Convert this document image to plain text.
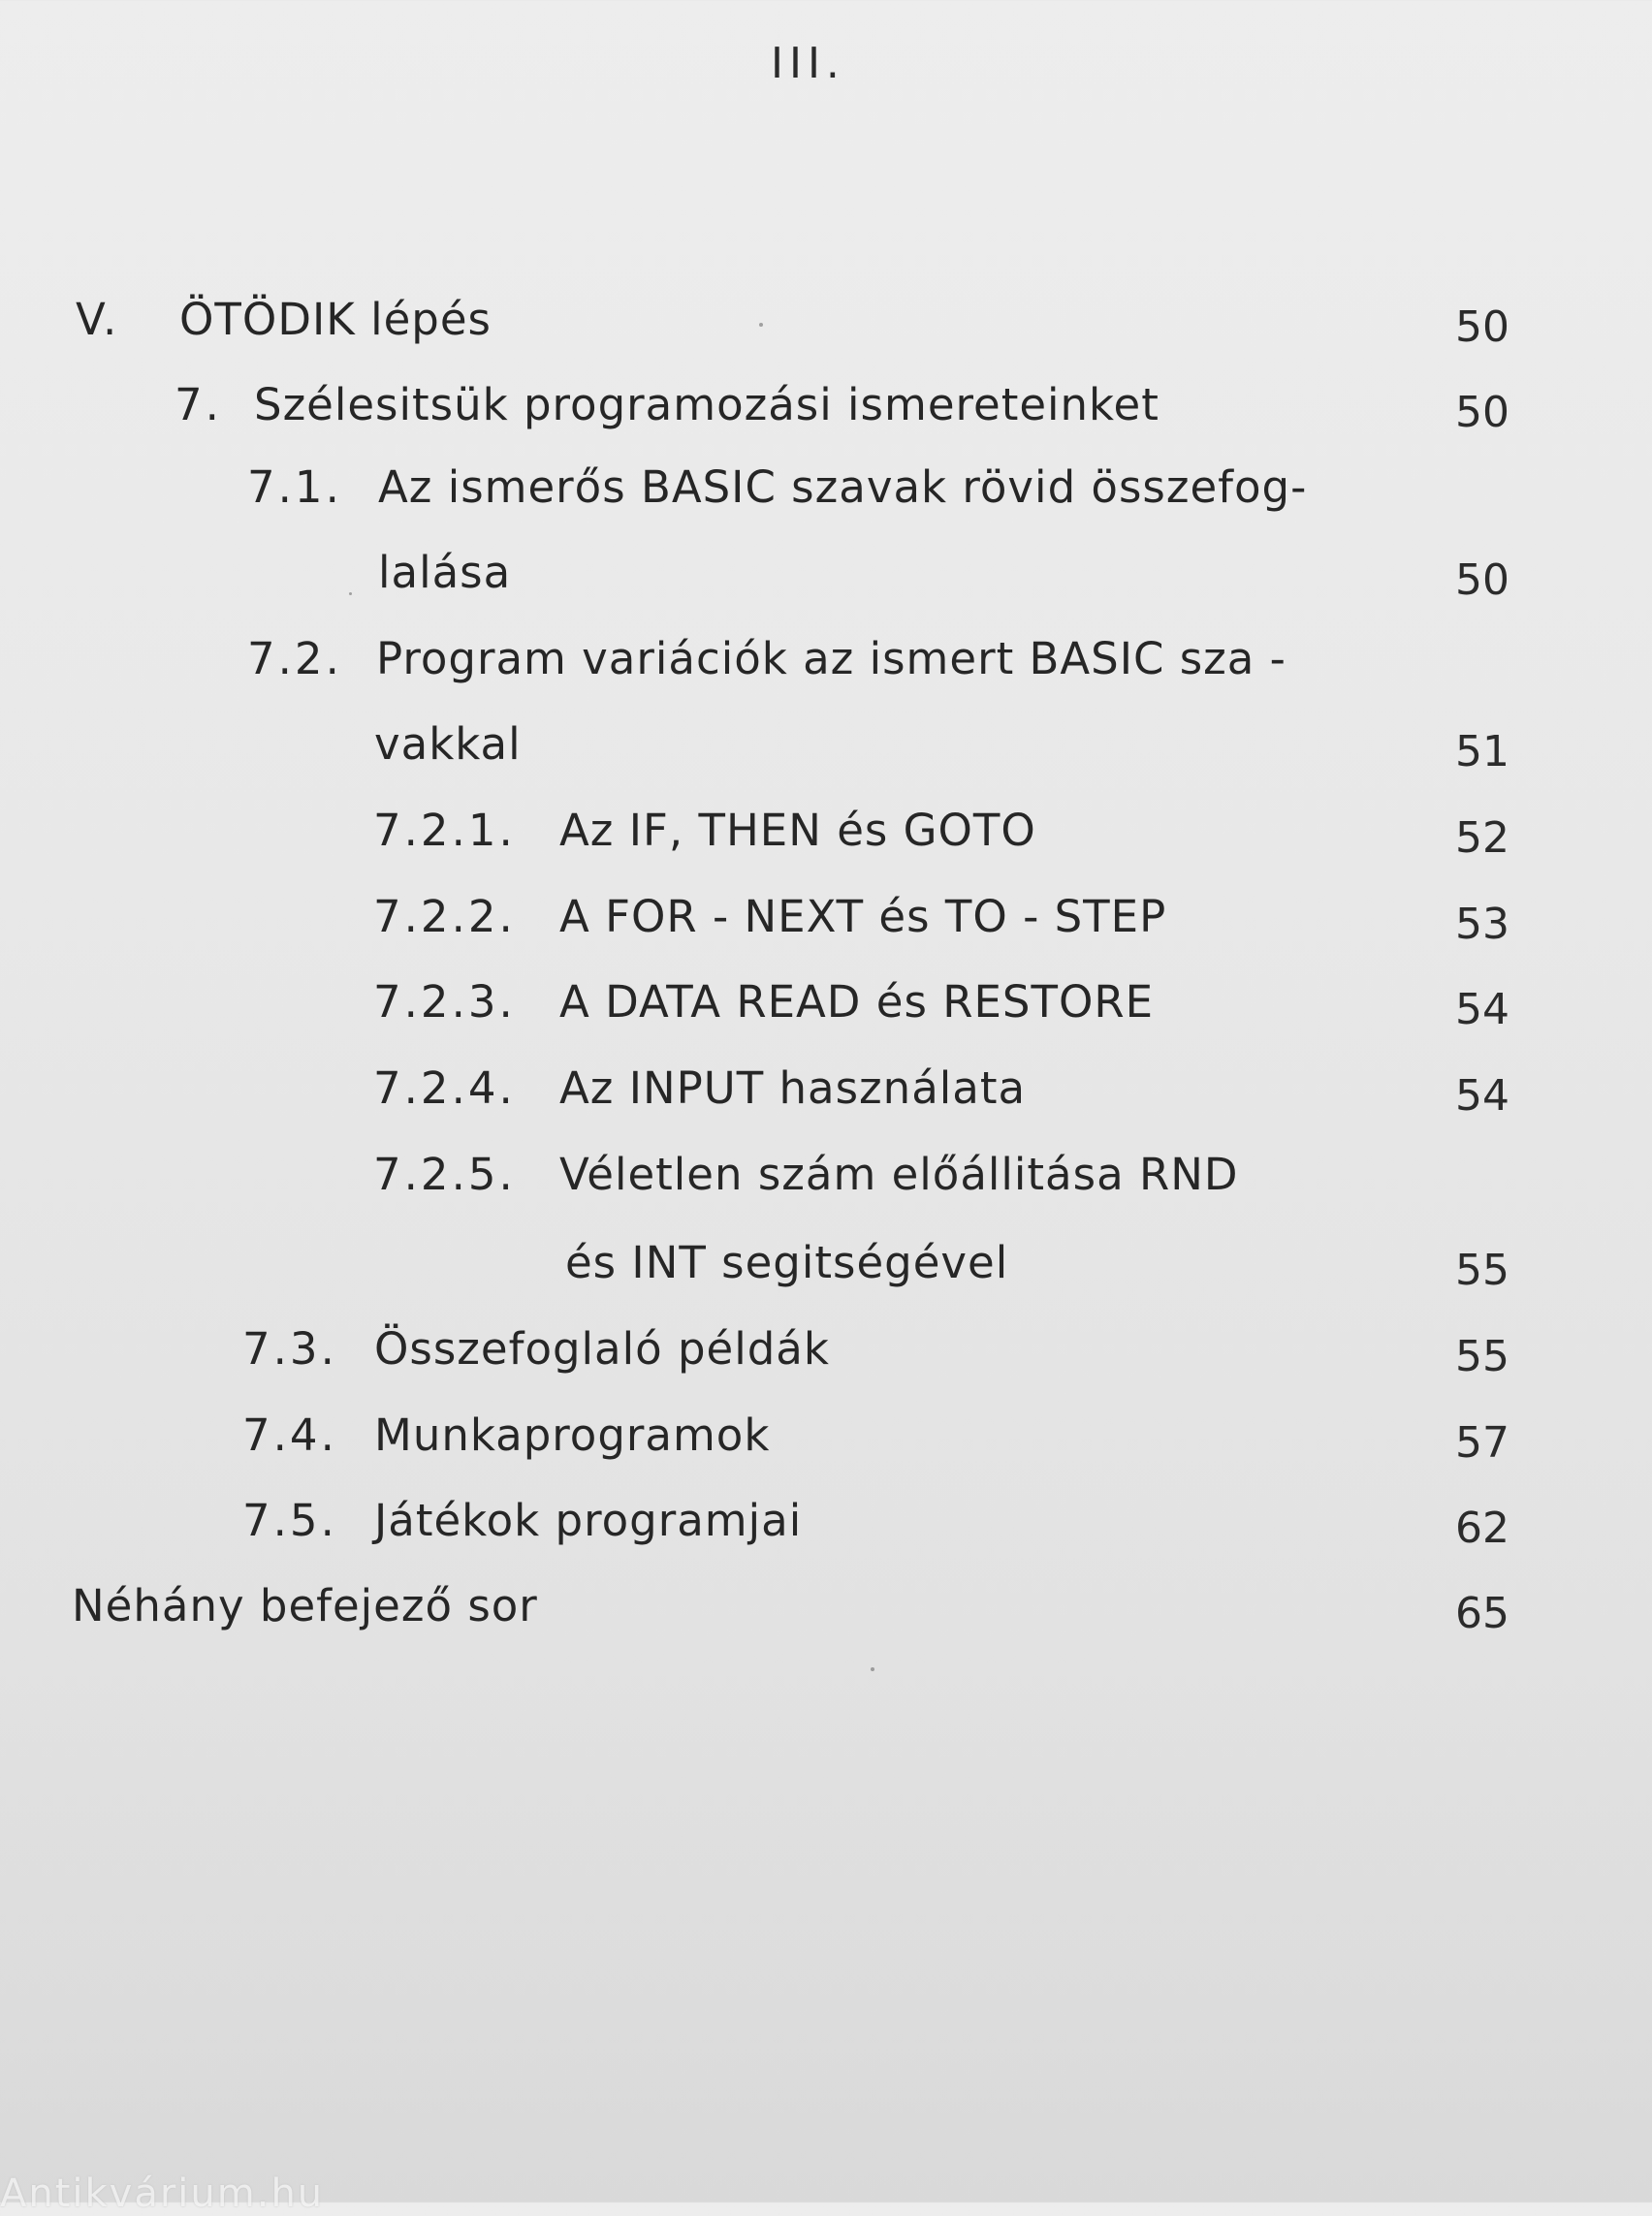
III.
V. ÖTÖDIK lépés	50
7. Szélesitsük programozási ismereteinket	50
7.1. Az ismerős BASIC szavak rövid összefog-
lalása	50
7.2. Program variációk az ismert BASIC sza -
vakkal	51
7.2.1. Az IF, THEN és GOTO	52
7.2.2. A FOR - NEXT és TO - STEP	53
7.2.3. A DATA READ és RESTORE	54
7.2.4. Az INPUT használata	54
7.2.5. Véletlen szám előállitása RND
és INT segitségével	55
7.3. Összefoglaló példák	55
7.4. Munkaprogramok	57
7.5. Játékok programjai	62
Néhány befejező sor	65
Antikvárium.hu
